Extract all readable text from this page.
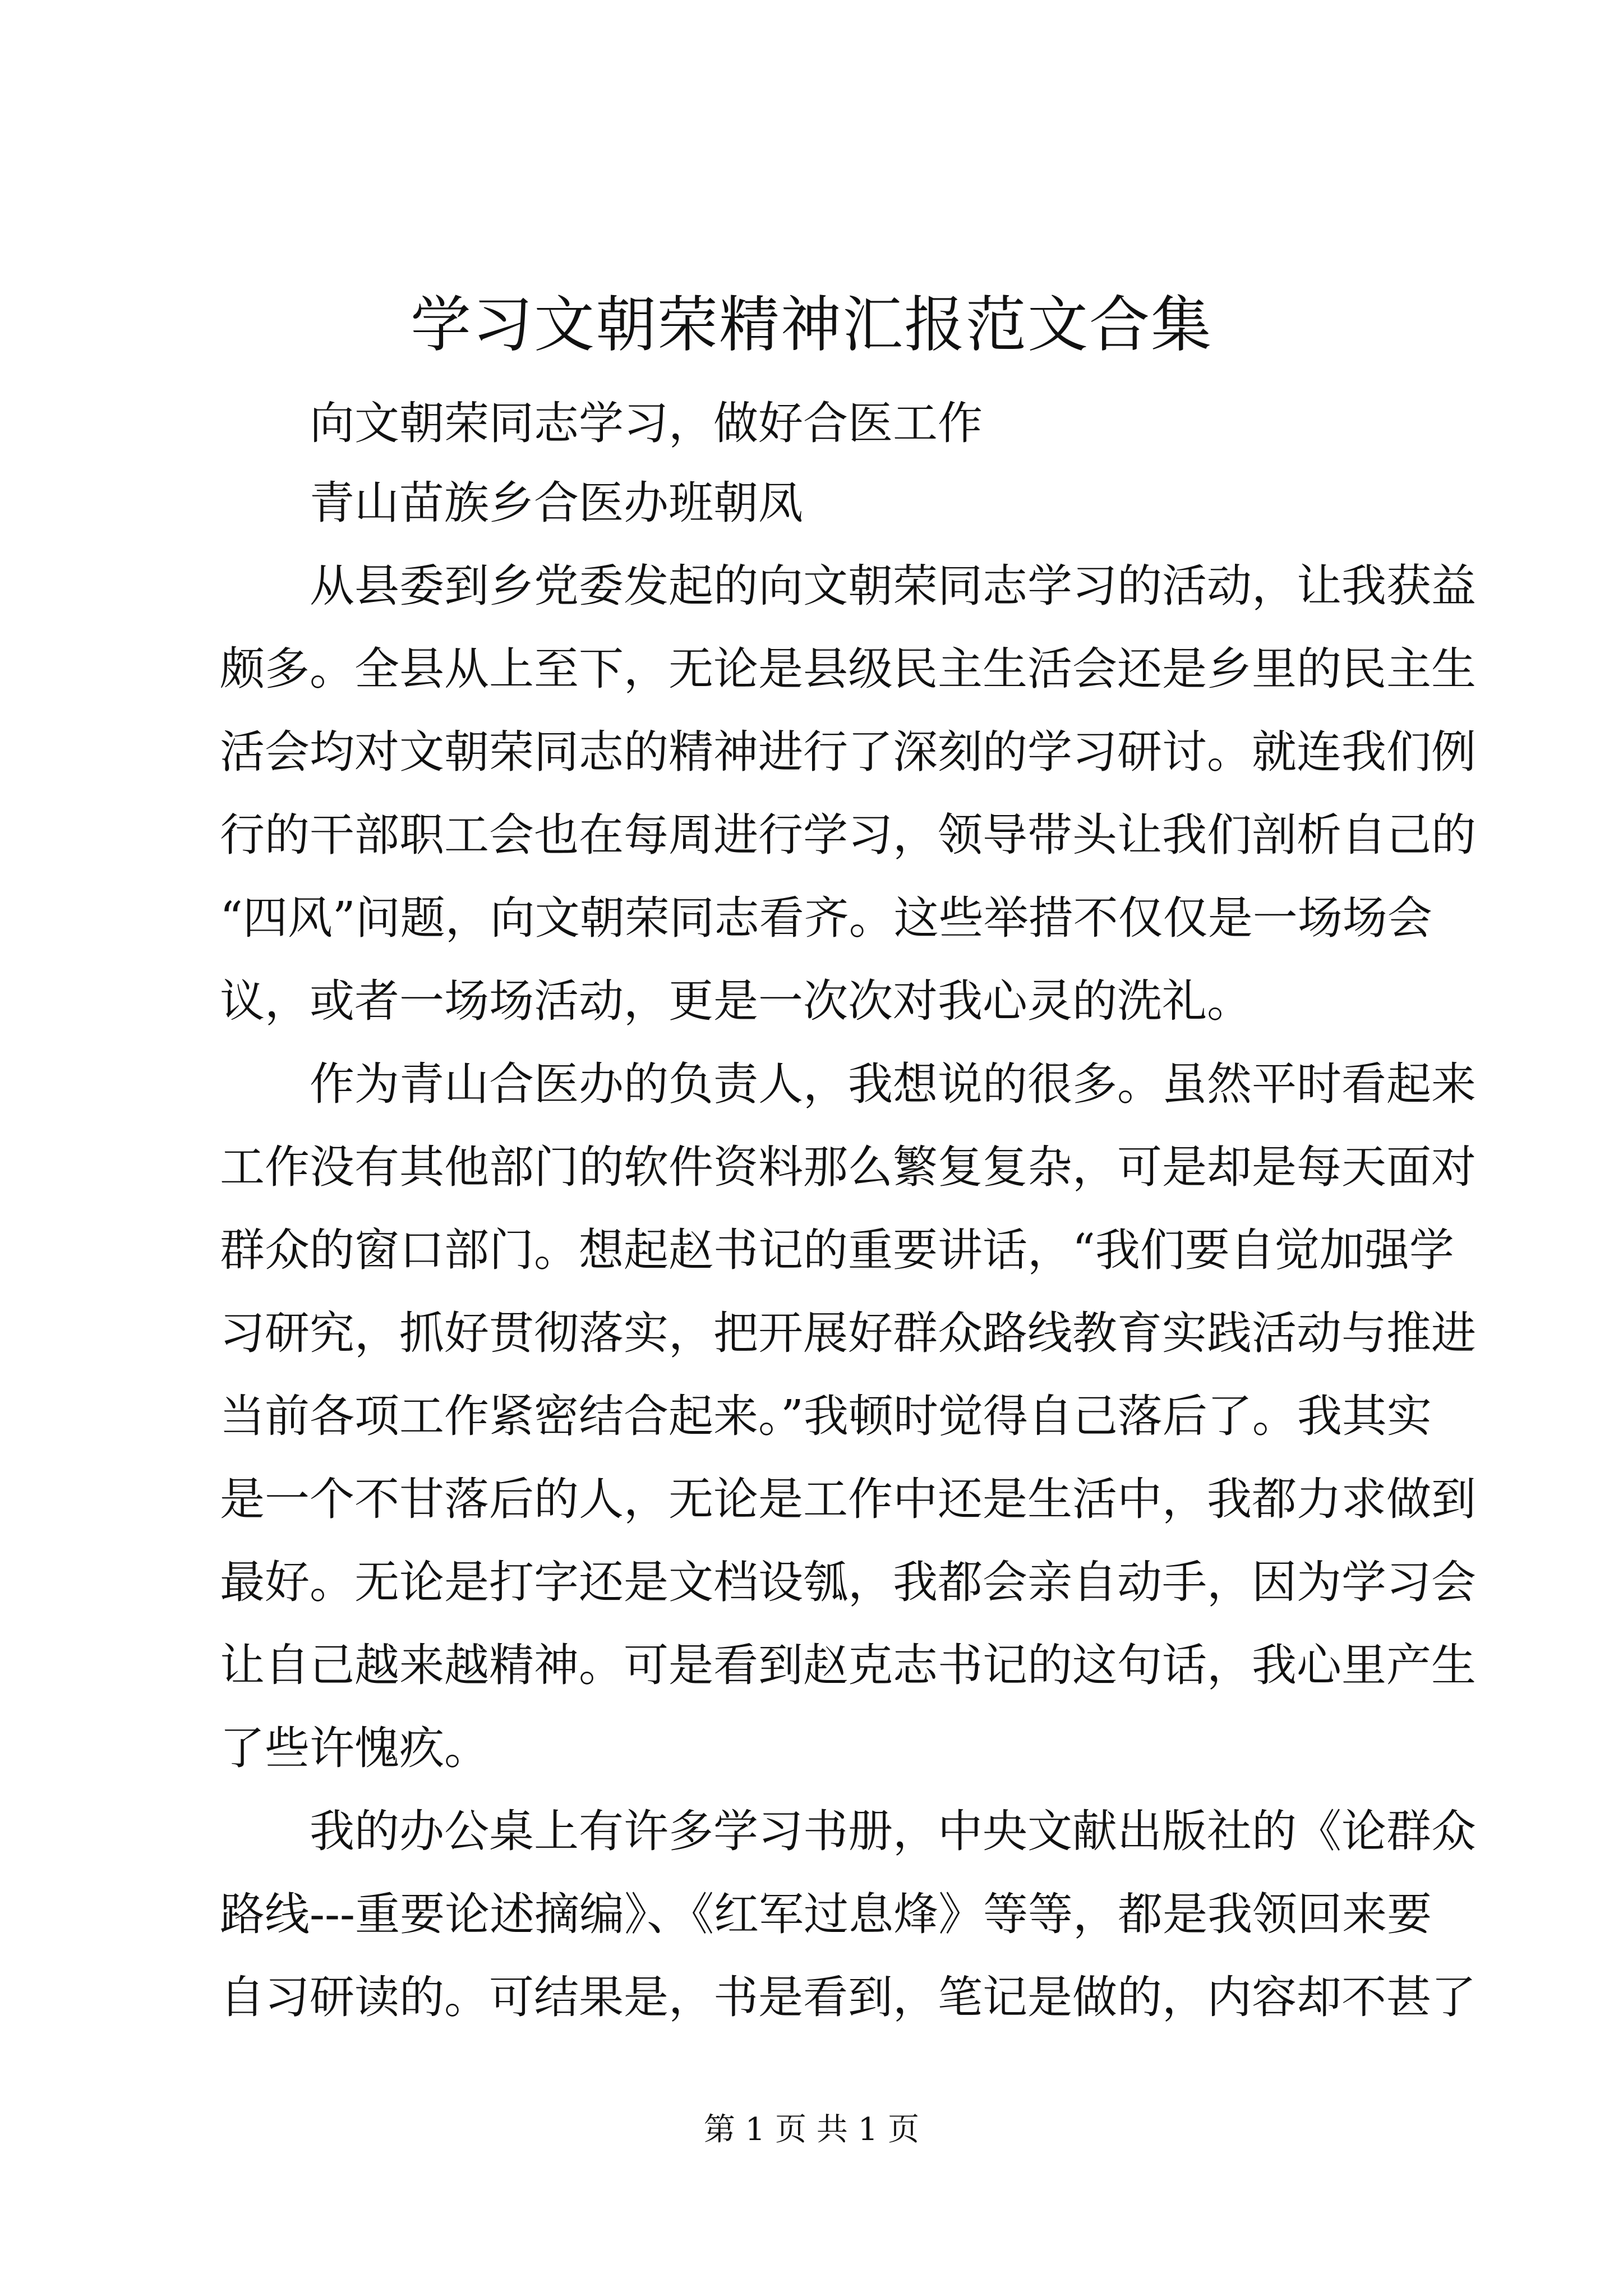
学习文朝荣精神汇报范文合集
　　向文朝荣同志学习，做好合医工作
　　青山苗族乡合医办班朝凤
　　从县委到乡党委发起的向文朝荣同志学习的活动，让我获益
颇多。全县从上至下，无论是县级民主生活会还是乡里的民主生
活会均对文朝荣同志的精神进行了深刻的学习研讨。就连我们例
行的干部职工会也在每周进行学习，领导带头让我们剖析自己的
“四风”问题，向文朝荣同志看齐。这些举措不仅仅是一场场会
议，或者一场场活动，更是一次次对我心灵的洗礼。
　　作为青山合医办的负责人，我想说的很多。虽然平时看起来
工作没有其他部门的软件资料那么繁复复杂，可是却是每天面对
群众的窗口部门。想起赵书记的重要讲话，“我们要自觉加强学
习研究，抓好贯彻落实，把开展好群众路线教育实践活动与推进
当前各项工作紧密结合起来。”我顿时觉得自己落后了。我其实
是一个不甘落后的人，无论是工作中还是生活中，我都力求做到
最好。无论是打字还是文档设瓠，我都会亲自动手，因为学习会
让自己越来越精神。可是看到赵克志书记的这句话，我心里产生
了些许愧疚。
　　我的办公桌上有许多学习书册，中央文献出版社的《论群众
路线---重要论述摘编》、《红军过息烽》等等，都是我领回来要
自习研读的。可结果是，书是看到，笔记是做的，内容却不甚了
第 1 页 共 1 页
